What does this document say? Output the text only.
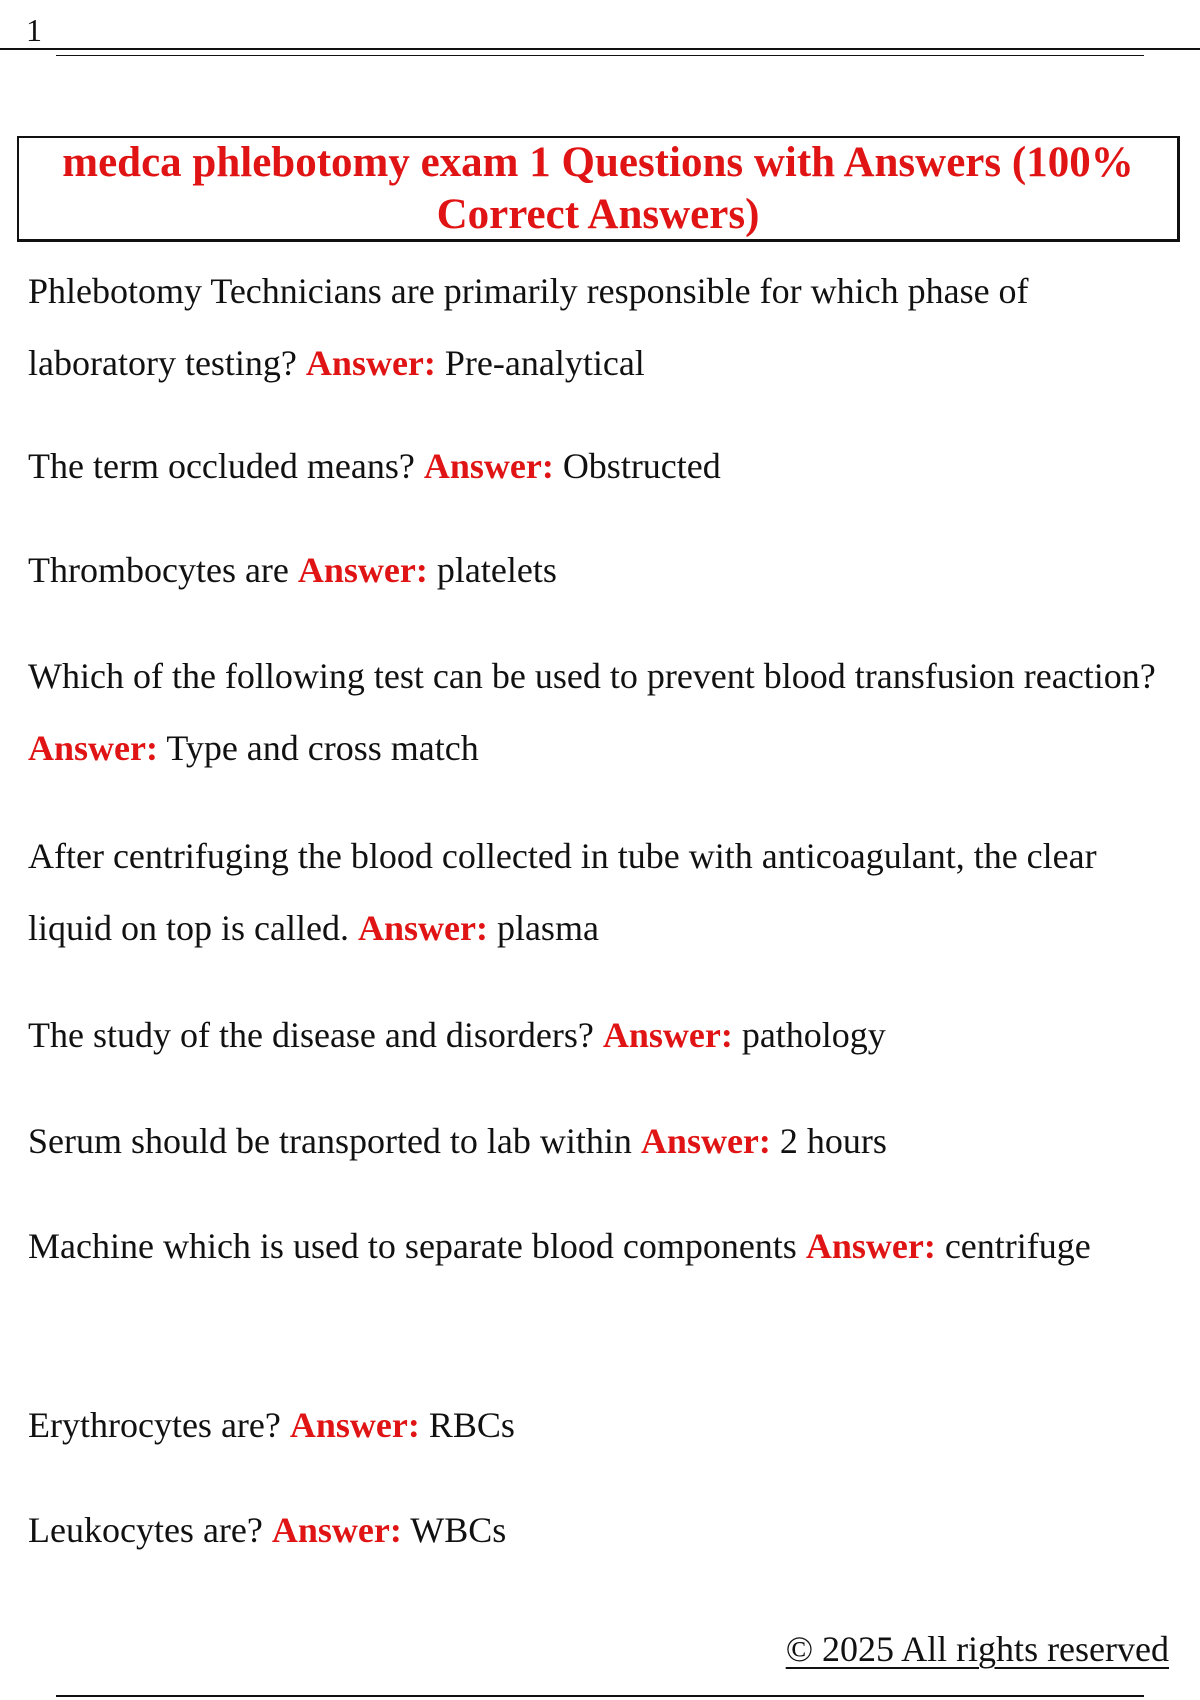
1
medca phlebotomy exam 1 Questions with Answers (100% Correct Answers)

Phlebotomy Technicians are primarily responsible for which phase of laboratory testing? Answer: Pre-analytical

The term occluded means? Answer: Obstructed

Thrombocytes are Answer: platelets

Which of the following test can be used to prevent blood transfusion reaction? Answer: Type and cross match

After centrifuging the blood collected in tube with anticoagulant, the clear liquid on top is called. Answer: plasma

The study of the disease and disorders? Answer: pathology

Serum should be transported to lab within Answer: 2 hours

Machine which is used to separate blood components Answer: centrifuge

Erythrocytes are? Answer: RBCs

Leukocytes are? Answer: WBCs

© 2025 All rights reserved
